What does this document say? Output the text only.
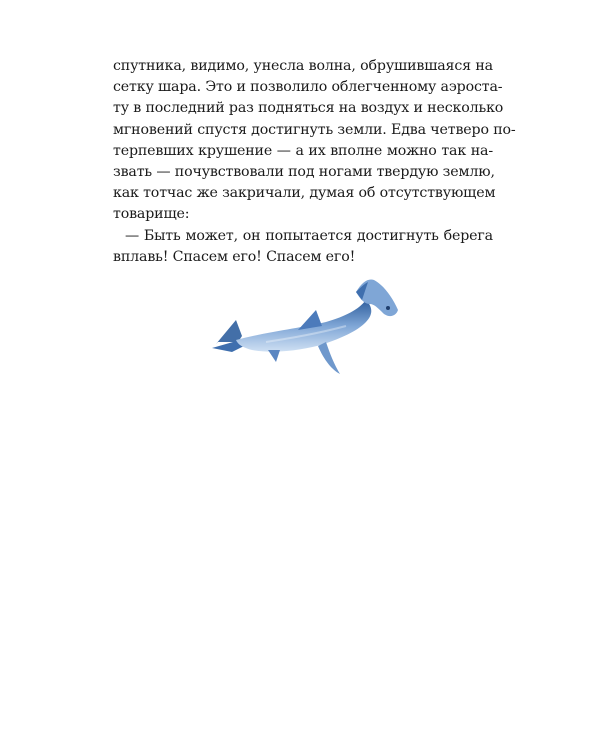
спутника, видимо, унесла волна, обрушившаяся на
сетку шара. Это и позволило облегченному аэроста-
ту в последний раз подняться на воздух и несколько
мгновений спустя достигнуть земли. Едва четверо по-
терпевших крушение — а их вполне можно так на-
звать — почувствовали под ногами твердую землю,
как тотчас же закричали, думая об отсутствующем
товарище:
— Быть может, он попытается достигнуть берега
вплавь! Спасем его! Спасем его!
